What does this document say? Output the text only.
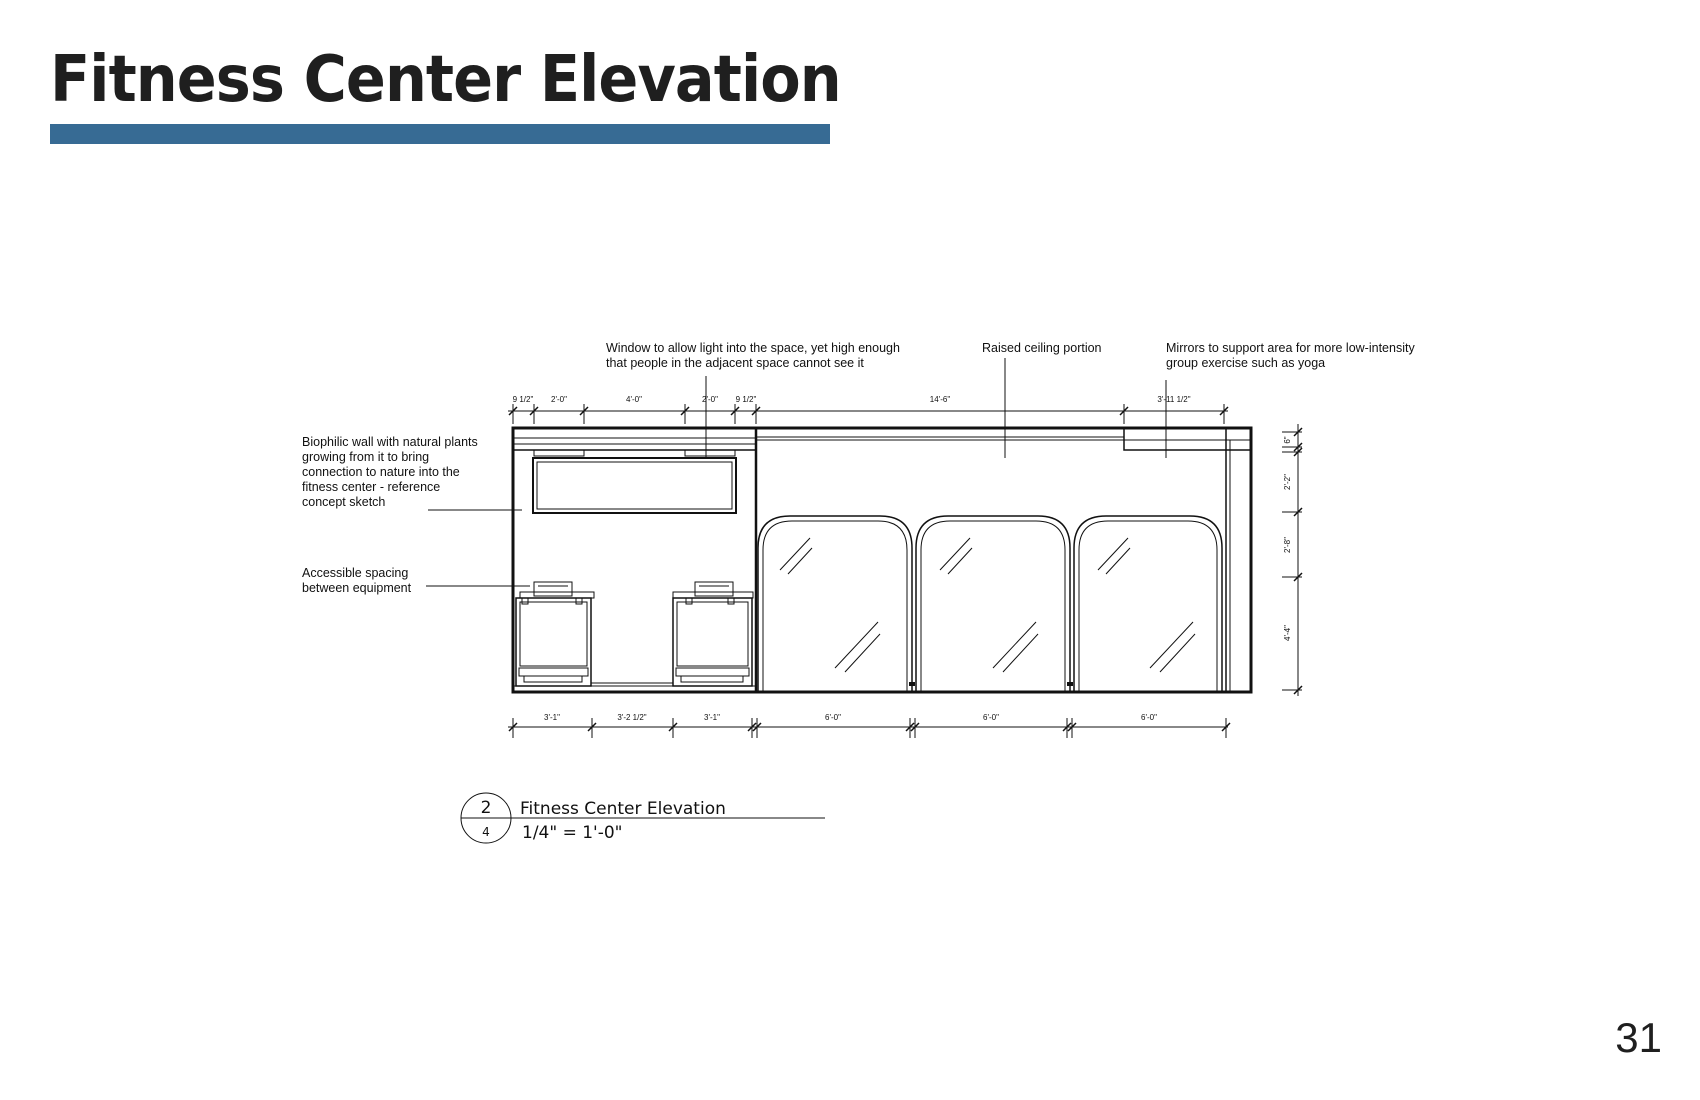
Fitness Center Elevation
Window to allow light into the space, yet high enough that people in the adjacent space cannot see it
Raised ceiling portion	Mirrors to support area for more low-intensity group exercise such as yoga
Biophilic wall with natural plants growing from it to bring connection to nature into the fitness center - reference concept sketch
Accessible spacing between equipment
9 1/2" 2'-0"	4'-0"	2'-0" 9 1/2"	14'-6"	3'-11 1/2"
3'-1"	3'-2 1/2"	3'-1"	6'-0"	6'-0"	6'-0"
6"
2'-2"
2'-8"
4'-4"
2
4
Fitness Center Elevation
1/4" = 1'-0"
31
